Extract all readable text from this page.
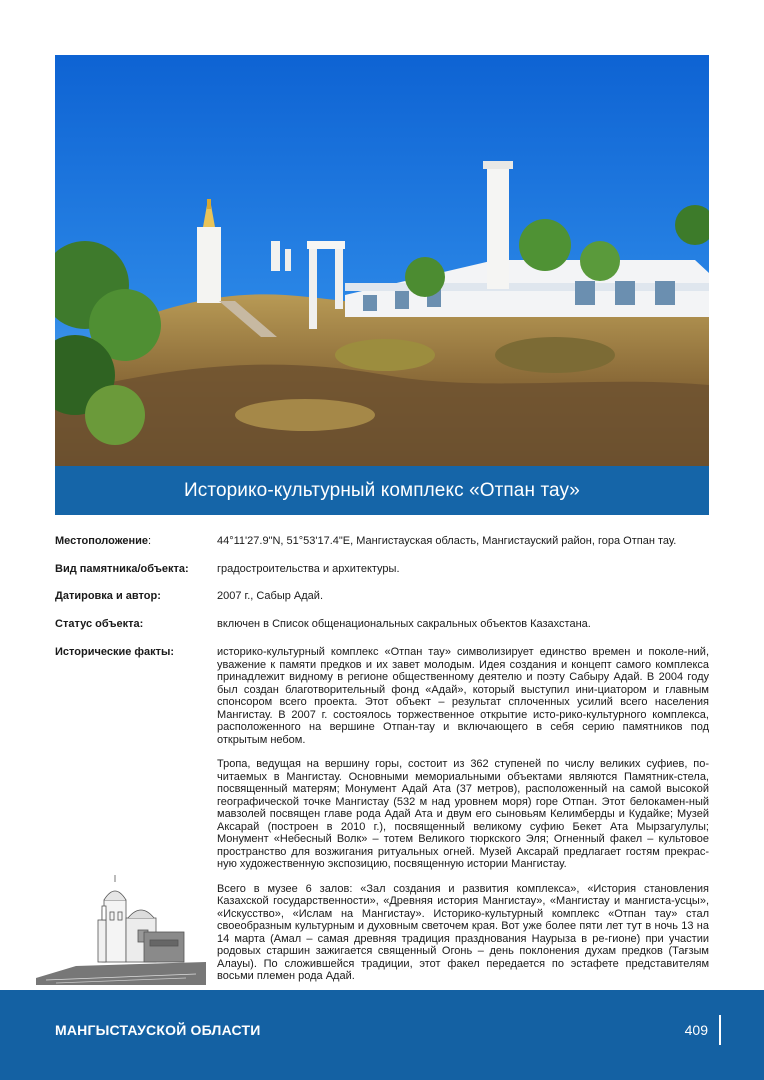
Историко-культурный комплекс «Отпан тау»
Местоположение:	44°11'27.9"N, 51°53'17.4"E, Мангистауская область, Мангистауский район, гора Отпан тау.
Вид памятника/объекта:	градостроительства и архитектуры.
Датировка и автор:	2007 г., Сабыр Адай.
Статус объекта:	включен в Список общенациональных сакральных объектов Казахстана.
Исторические факты:	историко-культурный комплекс «Отпан тау» символизирует единство времен и поколе-ний, уважение к памяти предков и их завет молодым. Идея создания и концепт самого комплекса принадлежит видному в регионе общественному деятелю и поэту Сабыру Адай. В 2004 году был создан благотворительный фонд «Адай», который выступил ини-циатором и главным спонсором всего проекта. Этот объект – результат сплоченных усилий всего населения Мангистау. В 2007 г. состоялось торжественное открытие исто-рико-культурного комплекса, расположенного на вершине Отпан-тау и включающего в себя серию памятников под открытым небом.

Тропа, ведущая на вершину горы, состоит из 362 ступеней по числу великих суфиев, по-читаемых в Мангистау. Основными мемориальными объектами являются Памятник-стела, посвященный матерям; Монумент Адай Ата (37 метров), расположенный на самой высокой географической точке Мангистау (532 м над уровнем моря) горе Отпан. Этот белокамен-ный мавзолей посвящен главе рода Адай Ата и двум его сыновьям Келимберды и Кудайке; Музей Аксарай (построен в 2010 г.), посвященный великому суфию Бекет Ата Мырзагулулы; Монумент «Небесный Волк» – тотем Великого тюркского Эля; Огненный факел – культовое пространство для возжигания ритуальных огней. Музей Аксарай предлагает гостям прекрас-ную художественную экспозицию, посвященную истории Мангистау.

Всего в музее 6 залов: «Зал создания и развития комплекса», «История становления Казахской государственности», «Древняя история Мангистау», «Мангистау и мангиста-усцы», «Искусство», «Ислам на Мангистау». Историко-культурный комплекс «Отпан тау» стал своеобразным культурным и духовным светочем края. Вот уже более пяти лет тут в ночь 13 на 14 марта (Амал – самая древняя традиция празднования Наурыза в ре-гионе) при участии родовых старшин зажигается священный Огонь – день поклонения духам предков (Тағзым Алауы). По сложившейся традиции, этот факел передается по эстафете представителям восьми племен рода Адай.

МАНГЫСТАУСКОЙ ОБЛАСТИ	409
